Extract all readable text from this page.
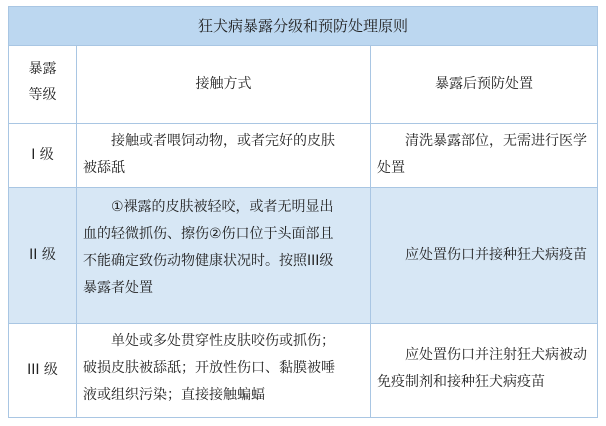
狂犬病暴露分级和预防处理原则
暴露
等级
接触方式	暴露后预防处置
I 级
接触或者喂饲动物，或者完好的皮肤
被舔舐
清洗暴露部位，无需进行医学
处置
II 级
①裸露的皮肤被轻咬，或者无明显出
血的轻微抓伤、擦伤②伤口位于头面部且
不能确定致伤动物健康状况时。按照III级
暴露者处置
应处置伤口并接种狂犬病疫苗
III 级
单处或多处贯穿性皮肤咬伤或抓伤；
破损皮肤被舔舐；开放性伤口、黏膜被唾
液或组织污染；直接接触蝙蝠
应处置伤口并注射狂犬病被动
免疫制剂和接种狂犬病疫苗
